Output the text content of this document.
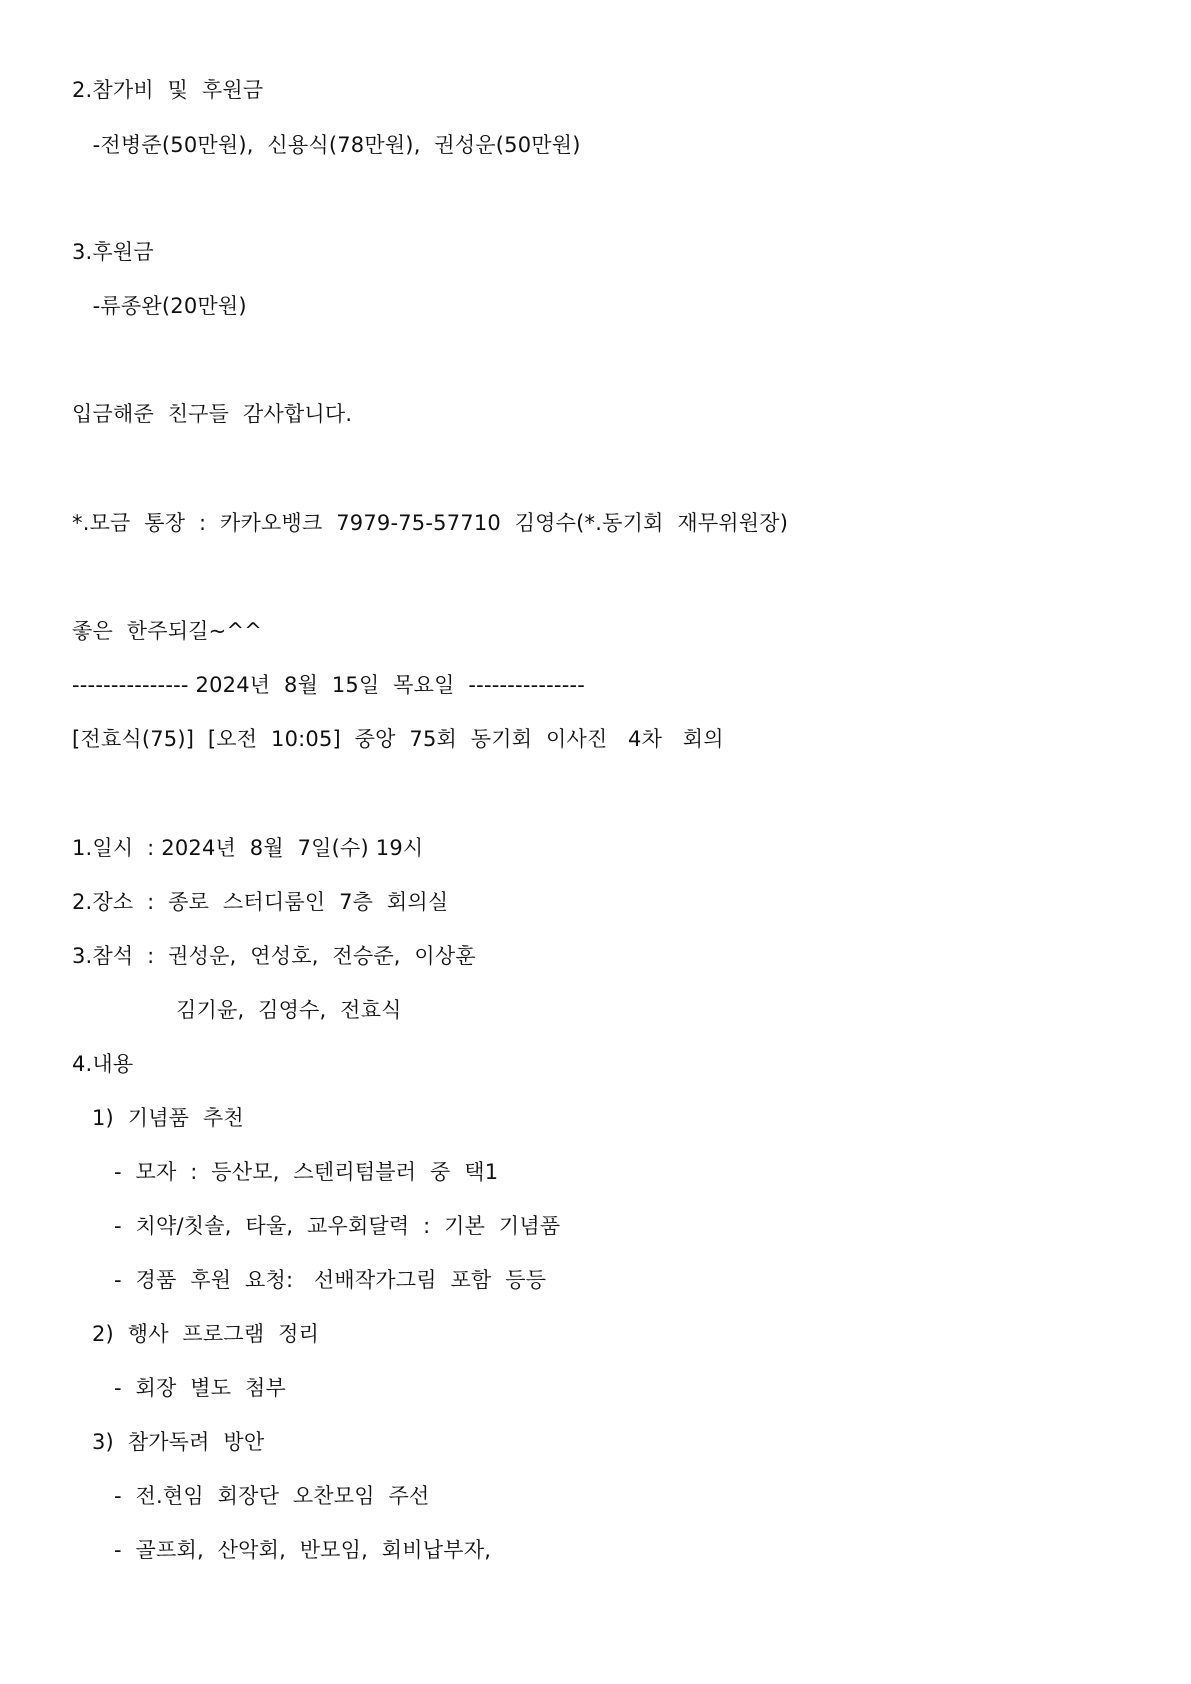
2.참가비  및  후원금
-전병준(50만원),  신용식(78만원),  권성운(50만원)
3.후원금
-류종완(20만원)
입금해준  친구들  감사합니다.
*.모금  통장  :  카카오뱅크  7979-75-57710  김영수(*.동기회  재무위원장)
좋은  한주되길~^^
--------------- 2024년  8월  15일  목요일  ---------------
[전효식(75)]  [오전  10:05]  중앙  75회  동기회  이사진   4차   회의
1.일시  : 2024년  8월  7일(수) 19시
2.장소  :  종로  스터디룸인  7층  회의실
3.참석  :  권성운,  연성호,  전승준,  이상훈
김기윤,  김영수,  전효식
4.내용
1)  기념품  추천
-  모자  :  등산모,  스텐리텀블러  중  택1
-  치약/칫솔,  타울,  교우회달력  :  기본  기념품
-  경품  후원  요청:   선배작가그림  포함  등등
2)  행사  프로그램  정리
-  회장  별도  첨부
3)  참가독려  방안
-  전.현임  회장단  오찬모임  주선
-  골프회,  산악회,  반모임,  회비납부자,
